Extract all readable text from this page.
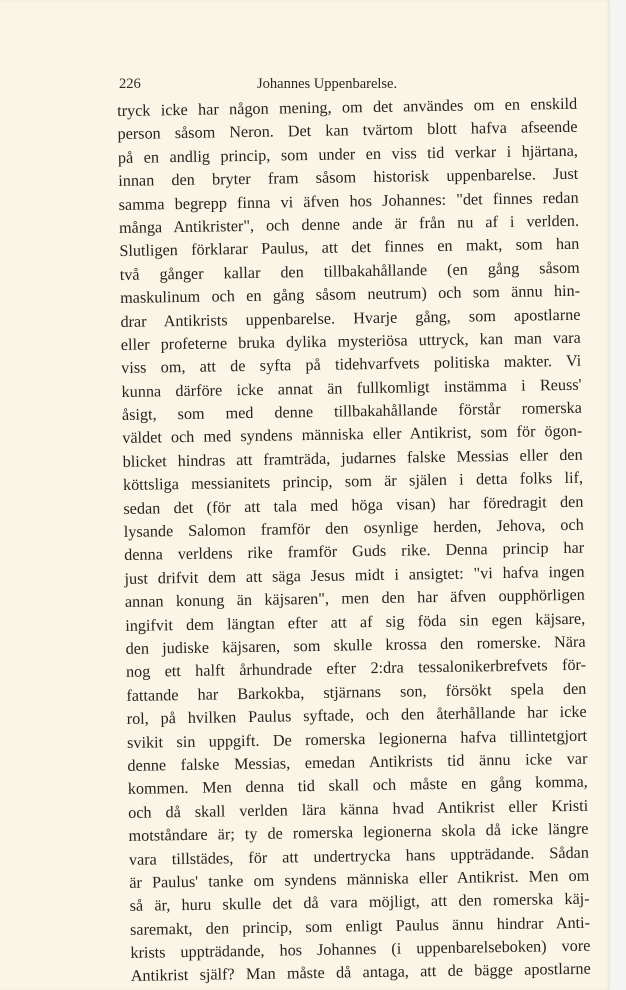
226	Johannes Uppenbarelse.
tryck icke har någon mening, om det användes om en enskild
person såsom Neron. Det kan tvärtom blott hafva afseende
på en andlig princip, som under en viss tid verkar i hjärtana,
innan den bryter fram såsom historisk uppenbarelse. Just
samma begrepp finna vi äfven hos Johannes: "det finnes redan
många Antikrister", och denne ande är från nu af i verlden.
Slutligen förklarar Paulus, att det finnes en makt, som han
två gånger kallar den tillbakahållande (en gång såsom
maskulinum och en gång såsom neutrum) och som ännu hin-
drar Antikrists uppenbarelse. Hvarje gång, som apostlarne
eller profeterne bruka dylika mysteriösa uttryck, kan man vara
viss om, att de syfta på tidehvarfvets politiska makter. Vi
kunna därföre icke annat än fullkomligt instämma i Reuss'
åsigt, som med denne tillbakahållande förstår romerska
väldet och med syndens människa eller Antikrist, som för ögon-
blicket hindras att framträda, judarnes falske Messias eller den
köttsliga messianitets princip, som är själen i detta folks lif,
sedan det (för att tala med höga visan) har föredragit den
lysande Salomon framför den osynlige herden, Jehova, och
denna verldens rike framför Guds rike. Denna princip har
just drifvit dem att säga Jesus midt i ansigtet: "vi hafva ingen
annan konung än käjsaren", men den har äfven oupphörligen
ingifvit dem längtan efter att af sig föda sin egen käjsare,
den judiske käjsaren, som skulle krossa den romerske. Nära
nog ett halft århundrade efter 2:dra tessalonikerbrefvets för-
fattande har Barkokba, stjärnans son, försökt spela den
rol, på hvilken Paulus syftade, och den återhållande har icke
svikit sin uppgift. De romerska legionerna hafva tillintetgjort
denne falske Messias, emedan Antikrists tid ännu icke var
kommen. Men denna tid skall och måste en gång komma,
och då skall verlden lära känna hvad Antikrist eller Kristi
motståndare är; ty de romerska legionerna skola då icke längre
vara tillstädes, för att undertrycka hans uppträdande. Sådan
är Paulus' tanke om syndens människa eller Antikrist. Men om
så är, huru skulle det då vara möjligt, att den romerska käj-
saremakt, den princip, som enligt Paulus ännu hindrar Anti-
krists uppträdande, hos Johannes (i uppenbarelseboken) vore
Antikrist själf? Man måste då antaga, att de bägge apostlarne
